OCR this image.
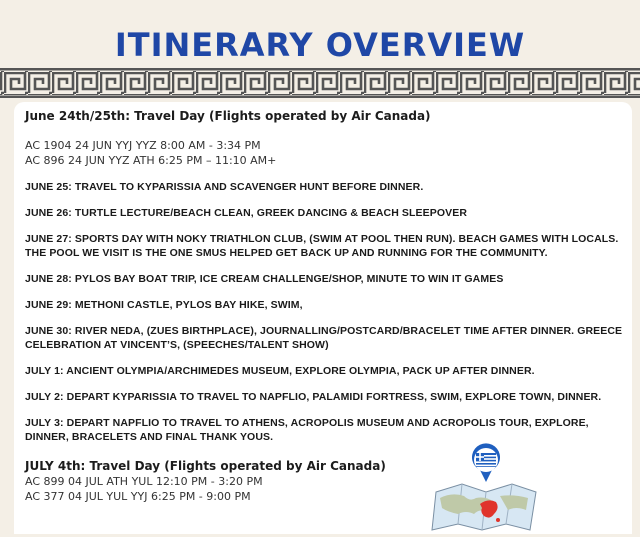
ITINERARY OVERVIEW

June 24th/25th: Travel Day (Flights operated by Air Canada)

AC 1904 24 JUN YYJ YYZ 8:00 AM - 3:34 PM

AC 896 24 JUN YYZ ATH 6:25 PM – 11:10 AM+

JUNE 25: TRAVEL TO KYPARISSIA AND SCAVENGER HUNT BEFORE DINNER.

JUNE 26: TURTLE LECTURE/BEACH CLEAN, GREEK DANCING & BEACH SLEEPOVER

JUNE 27: SPORTS DAY WITH NOKY TRIATHLON CLUB, (SWIM AT POOL THEN RUN). BEACH GAMES WITH LOCALS. THE POOL WE VISIT IS THE ONE SMUS HELPED GET BACK UP AND RUNNING FOR THE COMMUNITY.

JUNE 28: PYLOS BAY BOAT TRIP, ICE CREAM CHALLENGE/SHOP, MINUTE TO WIN IT GAMES

JUNE 29: METHONI CASTLE, PYLOS BAY HIKE, SWIM,

JUNE 30: RIVER NEDA, (ZUES BIRTHPLACE), JOURNALLING/POSTCARD/BRACELET TIME AFTER DINNER. GREECE CELEBRATION AT VINCENT’S, (SPEECHES/TALENT SHOW)

JULY 1: ANCIENT OLYMPIA/ARCHIMEDES MUSEUM, EXPLORE OLYMPIA, PACK UP AFTER DINNER.

JULY 2: DEPART KYPARISSIA TO TRAVEL TO NAPFLIO, PALAMIDI FORTRESS, SWIM, EXPLORE TOWN, DINNER.

JULY 3: DEPART NAPFLIO TO TRAVEL TO ATHENS, ACROPOLIS MUSEUM AND ACROPOLIS TOUR, EXPLORE, DINNER, BRACELETS AND FINAL THANK YOUS.

JULY 4th: Travel Day (Flights operated by Air Canada)

AC 899 04 JUL ATH YUL 12:10 PM - 3:20 PM

AC 377 04 JUL YUL YYJ 6:25 PM - 9:00 PM
